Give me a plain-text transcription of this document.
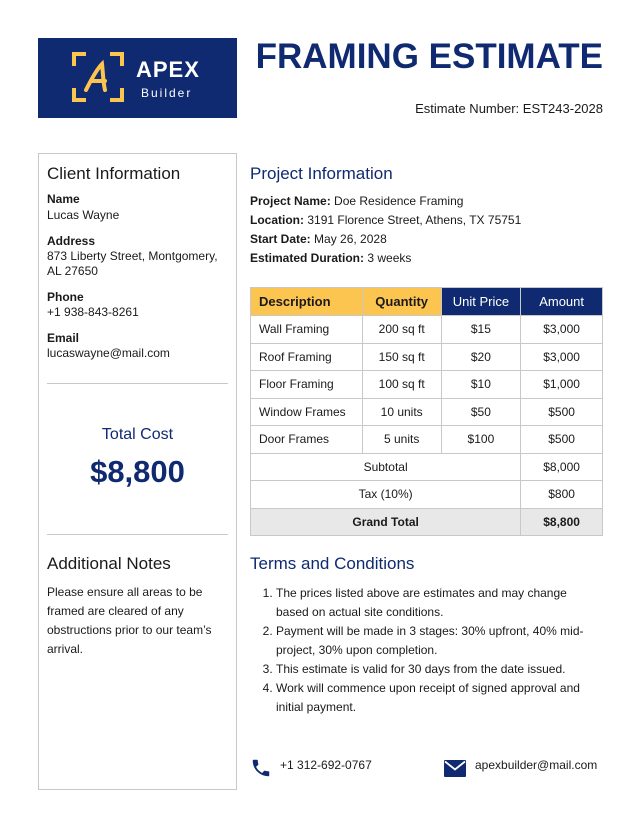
APEX
Builder
FRAMING ESTIMATE
Estimate Number: EST243-2028
Client Information
Name
Lucas Wayne
Address
873 Liberty Street, Montgomery, AL 27650
Phone
+1 938-843-8261
Email
lucaswayne@mail.com
Total Cost
$8,800
Additional Notes
Please ensure all areas to be framed are cleared of any obstructions prior to our team’s arrival.
Project Information
Project Name: Doe Residence Framing
Location: 3191 Florence Street, Athens, TX 75751
Start Date: May 26, 2028
Estimated Duration: 3 weeks
Description	Quantity	Unit Price	Amount
Wall Framing	200 sq ft	$15	$3,000
Roof Framing	150 sq ft	$20	$3,000
Floor Framing	100 sq ft	$10	$1,000
Window Frames	10 units	$50	$500
Door Frames	5 units	$100	$500
Subtotal			$8,000
Tax (10%)			$800
Grand Total			$8,800
Terms and Conditions
1. The prices listed above are estimates and may change based on actual site conditions.
2. Payment will be made in 3 stages: 30% upfront, 40% mid-project, 30% upon completion.
3. This estimate is valid for 30 days from the date issued.
4. Work will commence upon receipt of signed approval and initial payment.
+1 312-692-0767	apexbuilder@mail.com
